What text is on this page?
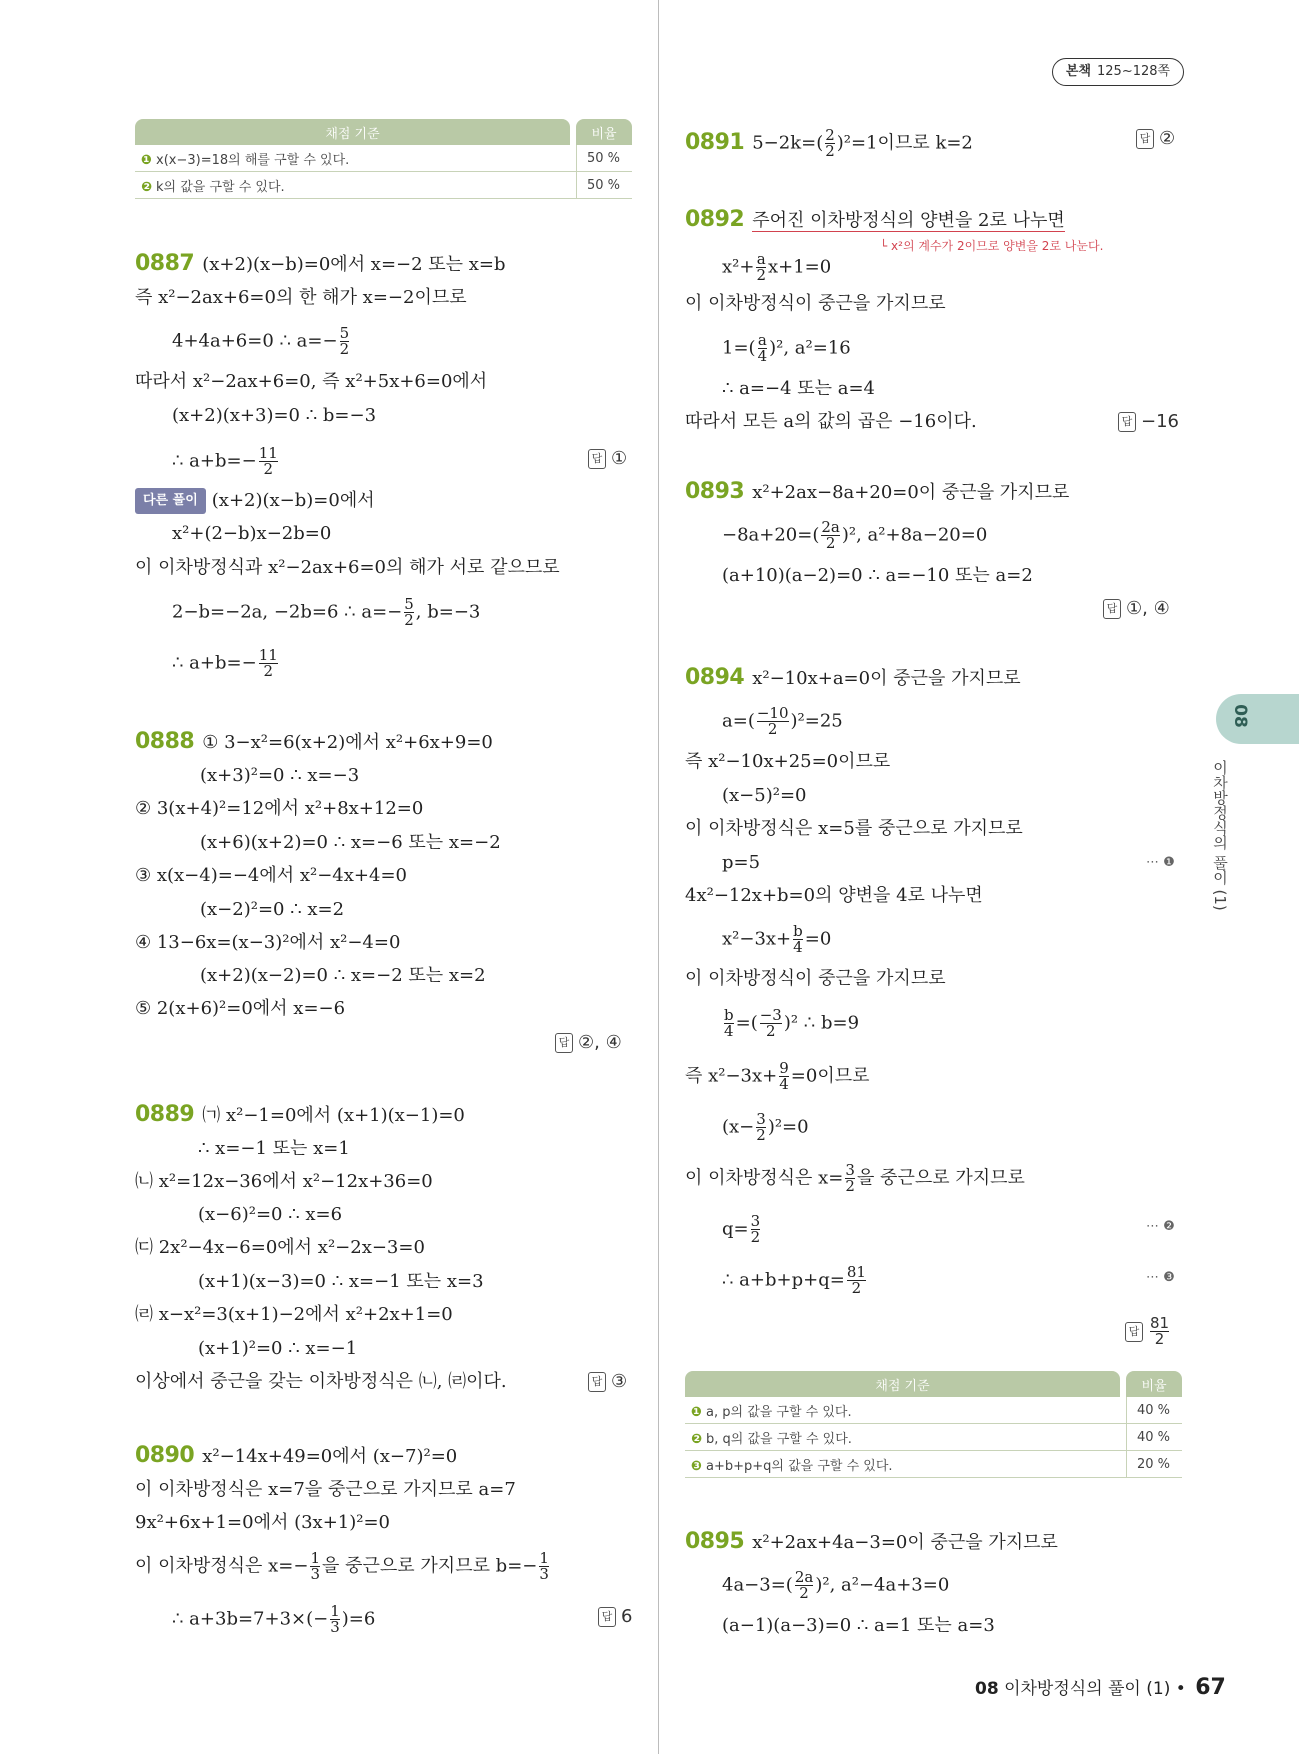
본책 125~128쪽
08
이차방정식의 풀이 (1)
채점 기준		비율
❶ x(x−3)=18의 해를 구할 수 있다.		50 %
❷ k의 값을 구할 수 있다.		50 %
0887 (x+2)(x−b)=0에서 x=−2 또는 x=b
즉 x²−2ax+6=0의 한 해가 x=−2이므로
4+4a+6=0 ∴ $a=- \frac{5}{2}$
따라서 x²−2ax+6=0, 즉 x²+5x+6=0에서
(x+2)(x+3)=0 ∴ b=−3
∴ $a+b=- \frac{11}{2}$	답 ①
다른 풀이 (x+2)(x−b)=0에서
x²+(2−b)x−2b=0
이 이차방정식과 x²−2ax+6=0의 해가 서로 같으므로
2−b=−2a, −2b=6 ∴ $a=- \frac{5}{2}$ , b=−3
∴ $a+b=- \frac{11}{2}$
0888 ① 3−x²=6(x+2)에서 x²+6x+9=0
(x+3)²=0 ∴ x=−3
② 3(x+4)²=12에서 x²+8x+12=0
(x+6)(x+2)=0 ∴ x=−6 또는 x=−2
③ x(x−4)=−4에서 x²−4x+4=0
(x−2)²=0 ∴ x=2
④ 13−6x=(x−3)²에서 x²−4=0
(x+2)(x−2)=0 ∴ x=−2 또는 x=2
⑤ 2(x+6)²=0에서 x=−6
답 ②, ④
0889 ㈀ x²−1=0에서 (x+1)(x−1)=0
∴ x=−1 또는 x=1
㈁ x²=12x−36에서 x²−12x+36=0
(x−6)²=0 ∴ x=6
㈂ 2x²−4x−6=0에서 x²−2x−3=0
(x+1)(x−3)=0 ∴ x=−1 또는 x=3
㈃ x−x²=3(x+1)−2에서 x²+2x+1=0
(x+1)²=0 ∴ x=−1
이상에서 중근을 갖는 이차방정식은 ㈁, ㈃이다.	답 ③
0890 x²−14x+49=0에서 (x−7)²=0
이 이차방정식은 x=7을 중근으로 가지므로 a=7
9x²+6x+1=0에서 (3x+1)²=0
이 이차방정식은 $x=- \frac{1}{3}$ 을 중근으로 가지므로 $b=- \frac{1}{3}$
∴ $a+3b=7+3\times(- \frac{1}{3} )=6$	답 6
0891 $5-2k=( \frac{2}{2} )^2=1$이므로 k=2	답 ②
0892 주어진 이차방정식의 양변을 2로 나누면
└ x²의 계수가 2이므로 양변을 2로 나눈다.
$x^2+ \frac{a}{2} x+1=0$
이 이차방정식이 중근을 가지므로
$1=( \frac{a}{4} )^2$, a²=16
∴ a=−4 또는 a=4
따라서 모든 a의 값의 곱은 −16이다.	답 −16
0893 x²+2ax−8a+20=0이 중근을 가지므로
$-8a+20=( \frac{2a}{2} )^2$, a²+8a−20=0
(a+10)(a−2)=0 ∴ a=−10 또는 a=2
답 ①, ④
0894 x²−10x+a=0이 중근을 가지므로
$a=( \frac{-10}{2} )^2=25$
즉 x²−10x+25=0이므로
(x−5)²=0
이 이차방정식은 x=5를 중근으로 가지므로
p=5	⋯ ❶
4x²−12x+b=0의 양변을 4로 나누면
$x^2-3x+ \frac{b}{4} =0$
이 이차방정식이 중근을 가지므로
$\frac{b}{4}$ =( $\frac{-3}{2} )^2$ ∴ b=9
즉 $x^2-3x+ \frac{9}{4} =0$이므로
$(x- \frac{3}{2} )^2=0$
이 이차방정식은 $x= \frac{3}{2}$ 을 중근으로 가지므로
$q= \frac{3}{2}$	⋯ ❷
∴ $a+b+p+q= \frac{81}{2}$	⋯ ❸
답 $\frac{81}{2}$
채점 기준		비율
❶ a, p의 값을 구할 수 있다.		40 %
❷ b, q의 값을 구할 수 있다.		40 %
❸ a+b+p+q의 값을 구할 수 있다.		20 %
0895 x²+2ax+4a−3=0이 중근을 가지므로
$4a-3=( \frac{2a}{2} )^2$, a²−4a+3=0
(a−1)(a−3)=0 ∴ a=1 또는 a=3
08 이차방정식의 풀이 (1) • 67
